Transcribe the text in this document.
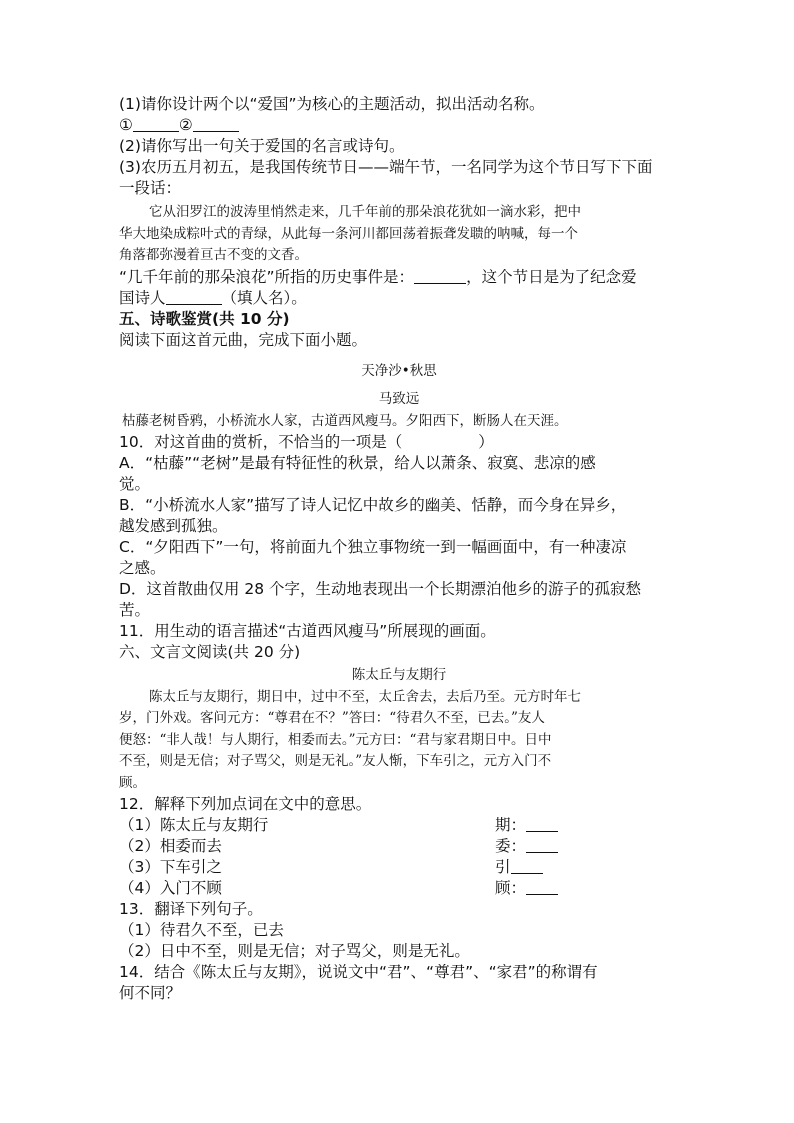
(1)请你设计两个以“爱国”为核心的主题活动，拟出活动名称。
①	②
(2)请你写出一句关于爱国的名言或诗句。
(3)农历五月初五，是我国传统节日——端午节，一名同学为这个节日写下下面
一段话：
它从汨罗江的波涛里悄然走来，几千年前的那朵浪花犹如一滴水彩，把中
华大地染成粽叶式的青绿，从此每一条河川都回荡着振聋发聩的呐喊，每一个
角落都弥漫着亘古不变的文香。
“几千年前的那朵浪花”所指的历史事件是：	，这个节日是为了纪念爱
国诗人	（填人名）。
五、诗歌鉴赏(共 10 分)
阅读下面这首元曲，完成下面小题。
天净沙•秋思
马致远
枯藤老树昏鸦，小桥流水人家，古道西风瘦马。夕阳西下，断肠人在天涯。
10．对这首曲的赏析，不恰当的一项是（	）
A．“枯藤”“老树”是最有特征性的秋景，给人以萧条、寂寞、悲凉的感
觉。
B．“小桥流水人家”描写了诗人记忆中故乡的幽美、恬静，而今身在异乡，
越发感到孤独。
C．“夕阳西下”一句，将前面九个独立事物统一到一幅画面中，有一种凄凉
之感。
D．这首散曲仅用 28 个字，生动地表现出一个长期漂泊他乡的游子的孤寂愁
苦。
11．用生动的语言描述“古道西风瘦马”所展现的画面。
六、文言文阅读(共 20 分)
陈太丘与友期行
陈太丘与友期行，期日中，过中不至，太丘舍去，去后乃至。元方时年七
岁，门外戏。客问元方：“尊君在不？”答曰：“待君久不至，已去。”友人
便怒：“非人哉！与人期行，相委而去。”元方曰：“君与家君期日中。日中
不至，则是无信；对子骂父，则是无礼。”友人惭，下车引之，元方入门不
顾。
12．解释下列加点词在文中的意思。
（1）陈太丘与友期行	期：
（2）相委而去	委：
（3）下车引之	引
（4）入门不顾	顾：
13．翻译下列句子。
（1）待君久不至，已去
（2）日中不至，则是无信；对子骂父，则是无礼。
14．结合《陈太丘与友期》，说说文中“君”、“尊君”、“家君”的称谓有
何不同？
